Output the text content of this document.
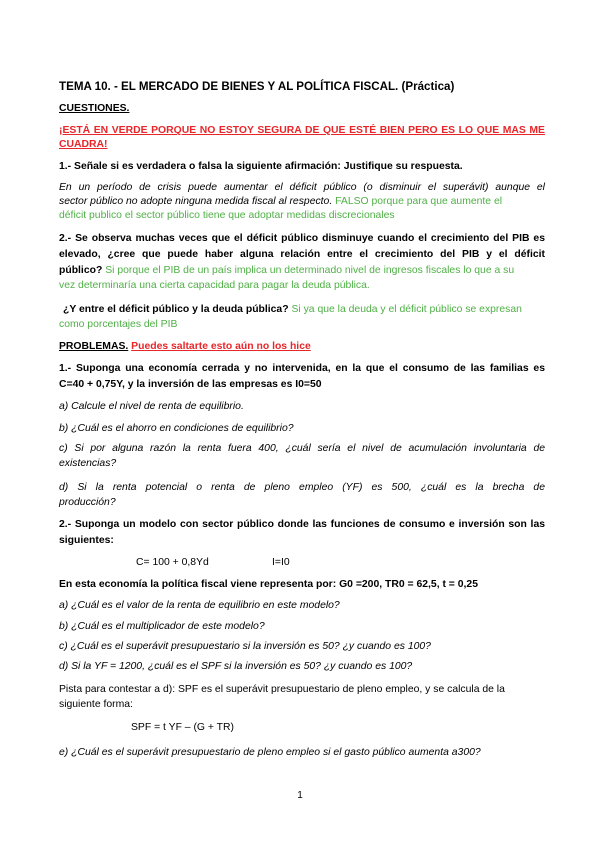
TEMA 10. - EL MERCADO DE BIENES Y AL POLÍTICA FISCAL. (Práctica)
CUESTIONES.
¡ESTÁ EN VERDE PORQUE NO ESTOY SEGURA DE QUE ESTÉ BIEN PERO ES LO QUE MAS ME
CUADRA!
1.- Señale si es verdadera o falsa la siguiente afirmación: Justifique su respuesta.
En un período de crisis puede aumentar el déficit público (o disminuir el superávit) aunque el
sector público no adopte ninguna medida fiscal al respecto. FALSO porque para que aumente el
déficit publico el sector público tiene que adoptar medidas discrecionales
2.- Se observa muchas veces que el déficit público disminuye cuando el crecimiento del PIB es
elevado, ¿cree que puede haber alguna relación entre el crecimiento del PIB y el déficit
público? Si porque el PIB de un país implica un determinado nivel de ingresos fiscales lo que a su
vez determinaría una cierta capacidad para pagar la deuda pública.
¿Y entre el déficit público y la deuda pública? Si ya que la deuda y el déficit público se expresan
como porcentajes del PIB
PROBLEMAS. Puedes saltarte esto aún no los hice
1.- Suponga una economía cerrada y no intervenida, en la que el consumo de las familias es
C=40 + 0,75Y, y la inversión de las empresas es I0=50
a) Calcule el nivel de renta de equilibrio.
b) ¿Cuál es el ahorro en condiciones de equilibrio?
c) Si por alguna razón la renta fuera 400, ¿cuál sería el nivel de acumulación involuntaria de
existencias?
d) Si la renta potencial o renta de pleno empleo (YF) es 500, ¿cuál es la brecha de
producción?
2.- Suponga un modelo con sector público donde las funciones de consumo e inversión son las
siguientes:
C= 100 + 0,8Yd	I=I0
En esta economía la política fiscal viene representa por: G0 =200, TR0 = 62,5, t = 0,25
a) ¿Cuál es el valor de la renta de equilibrio en este modelo?
b) ¿Cuál es el multiplicador de este modelo?
c) ¿Cuál es el superávit presupuestario si la inversión es 50? ¿y cuando es 100?
d) Si la YF = 1200, ¿cuál es el SPF si la inversión es 50? ¿y cuando es 100?
Pista para contestar a d): SPF es el superávit presupuestario de pleno empleo, y se calcula de la
siguiente forma:
SPF = t YF – (G + TR)
e) ¿Cuál es el superávit presupuestario de pleno empleo si el gasto público aumenta a300?
1
